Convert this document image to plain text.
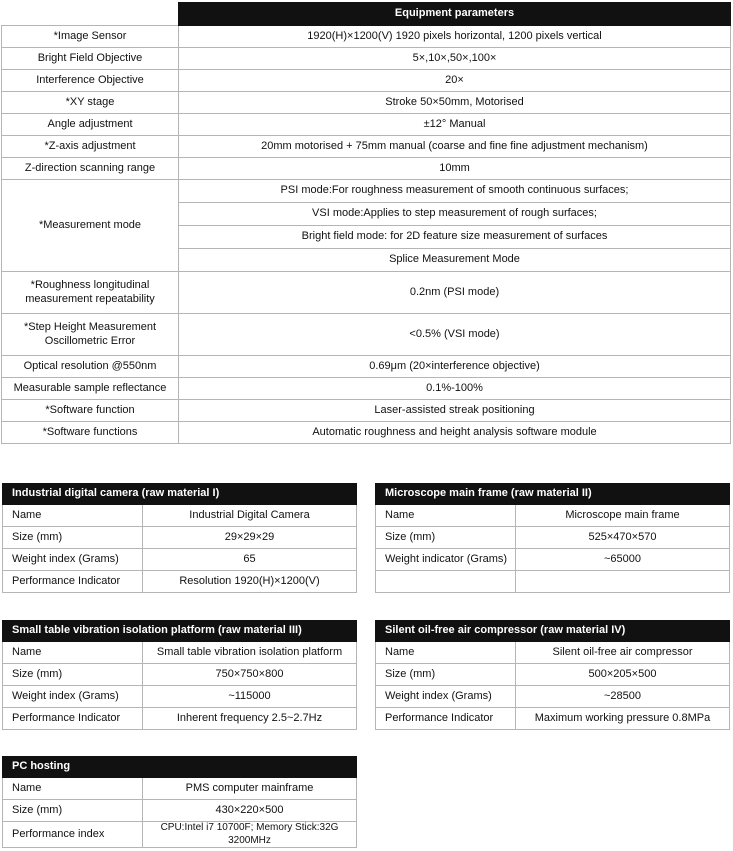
	Equipment parameters
*Image Sensor	1920(H)×1200(V) 1920 pixels horizontal, 1200 pixels vertical
Bright Field Objective	5×,10×,50×,100×
Interference Objective	20×
*XY stage	Stroke 50×50mm, Motorised
Angle adjustment	±12° Manual
*Z-axis adjustment	20mm motorised + 75mm manual (coarse and fine fine adjustment mechanism)
Z-direction scanning range	10mm
*Measurement mode	PSI mode:For roughness measurement of smooth continuous surfaces;
	VSI mode:Applies to step measurement of rough surfaces;
	Bright field mode: for 2D feature size measurement of surfaces
	Splice Measurement Mode

*Roughness longitudinal
measurement repeatability	0.2nm (PSI mode)

*Step Height Measurement
Oscillometric Error	<0.5% (VSI mode)
Optical resolution @550nm	0.69μm (20×interference objective)
Measurable sample reflectance	0.1%-100%
*Software function	Laser-assisted streak positioning
*Software functions	Automatic roughness and height analysis software module
Industrial digital camera (raw material I)	
Name	Industrial Digital Camera
Size (mm)	29×29×29
Weight index (Grams)	65
Performance Indicator	Resolution 1920(H)×1200(V)
Microscope main frame (raw material II)	
Name	Microscope main frame
Size (mm)	525×470×570
Weight indicator (Grams)	~65000

Small table vibration isolation platform (raw material III)	
Name	Small table vibration isolation platform
Size (mm)	750×750×800
Weight index (Grams)	~115000
Performance Indicator	Inherent frequency 2.5~2.7Hz
Silent oil-free air compressor (raw material IV)	
Name	Silent oil-free air compressor
Size (mm)	500×205×500
Weight index (Grams)	~28500
Performance Indicator	Maximum working pressure 0.8MPa
PC hosting	
Name	PMS computer mainframe
Size (mm)	430×220×500
Performance index	CPU:Intel i7 10700F; Memory Stick:32G 3200MHz
